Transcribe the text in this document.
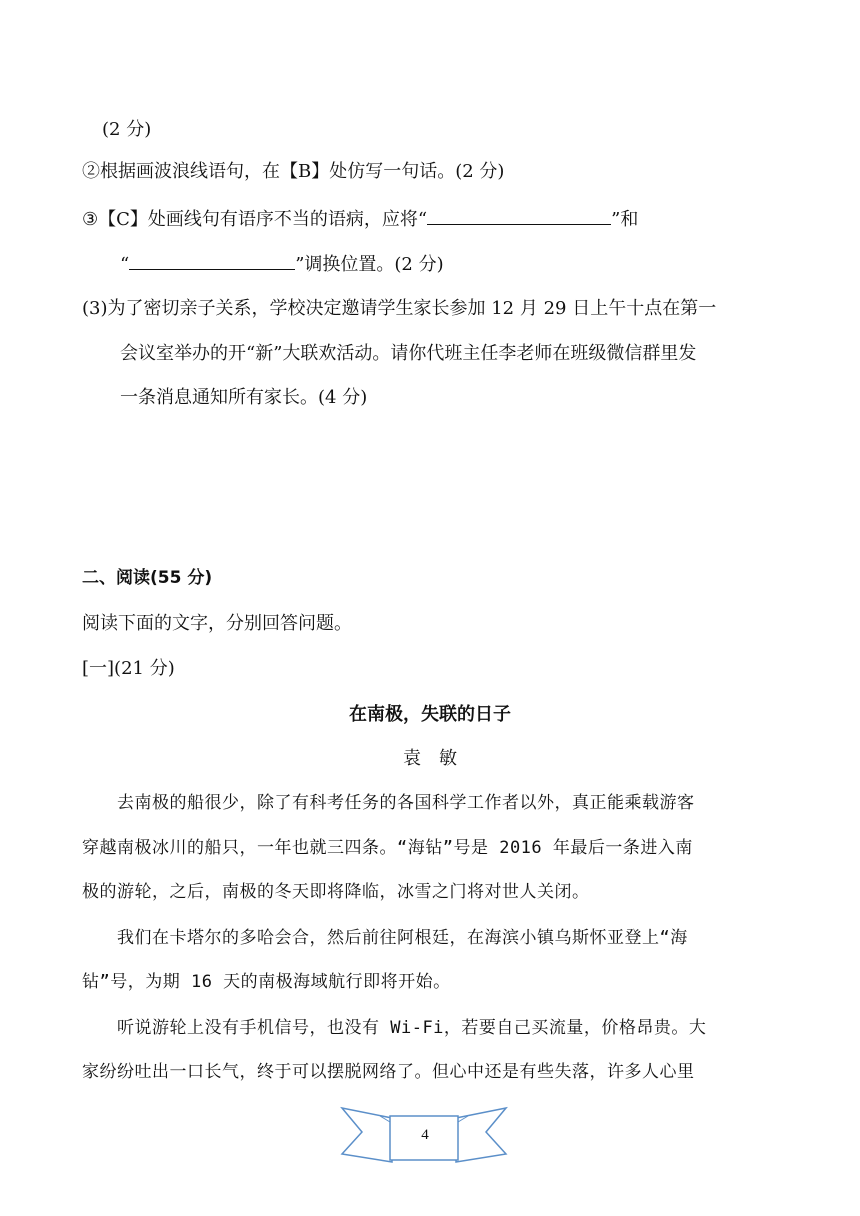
(2 分)
②根据画波浪线语句，在【B】处仿写一句话。(2 分)
③【C】处画线句有语序不当的语病，应将“	”和
“	”调换位置。(2 分)
(3)为了密切亲子关系，学校决定邀请学生家长参加 12 月 29 日上午十点在第一
会议室举办的开“新”大联欢活动。请你代班主任李老师在班级微信群里发
一条消息通知所有家长。(4 分)
二、阅读(55 分)
阅读下面的文字，分别回答问题。
[一](21 分)
在南极，失联的日子
袁　敏
　　去南极的船很少，除了有科考任务的各国科学工作者以外，真正能乘载游客
穿越南极冰川的船只，一年也就三四条。“海钻”号是 2016 年最后一条进入南
极的游轮，之后，南极的冬天即将降临，冰雪之门将对世人关闭。
　　我们在卡塔尔的多哈会合，然后前往阿根廷，在海滨小镇乌斯怀亚登上“海
钻”号，为期 16 天的南极海域航行即将开始。
　　听说游轮上没有手机信号，也没有 Wi-Fi，若要自己买流量，价格昂贵。大
家纷纷吐出一口长气，终于可以摆脱网络了。但心中还是有些失落，许多人心里
4
